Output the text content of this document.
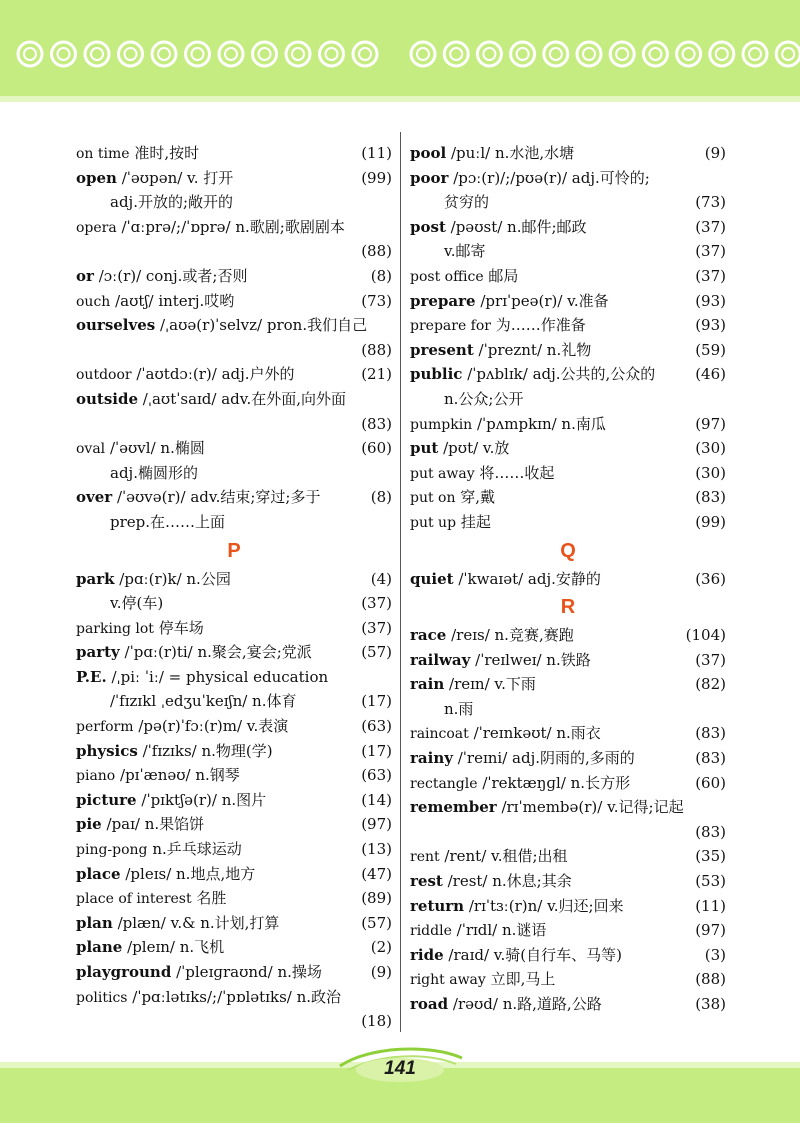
on time 准时,按时	(11)
open /ˈəʊpən/ v. 打开	(99)
adj.开放的;敞开的
opera /ˈɑːprə/;/ˈɒprə/ n.歌剧;歌剧剧本
(88)
or /ɔː(r)/ conj.或者;否则	(8)
ouch /aʊtʃ/ interj.哎哟	(73)
ourselves /ˌaʊə(r)ˈselvz/ pron.我们自己
(88)
outdoor /ˈaʊtdɔː(r)/ adj.户外的	(21)
outside /ˌaʊtˈsaɪd/ adv.在外面,向外面
(83)
oval /ˈəʊvl/ n.椭圆	(60)
adj.椭圆形的
over /ˈəʊvə(r)/ adv.结束;穿过;多于	(8)
prep.在……上面
P
park /pɑː(r)k/ n.公园	(4)
v.停(车)	(37)
parking lot 停车场	(37)
party /ˈpɑː(r)ti/ n.聚会,宴会;党派	(57)
P.E. /ˌpiː ˈiː/ = physical education
/ˈfɪzɪkl ˌedʒuˈkeɪʃn/ n.体育	(17)
perform /pə(r)ˈfɔː(r)m/ v.表演	(63)
physics /ˈfɪzɪks/ n.物理(学)	(17)
piano /pɪˈænəʊ/ n.钢琴	(63)
picture /ˈpɪktʃə(r)/ n.图片	(14)
pie /paɪ/ n.果馅饼	(97)
ping-pong n.乒乓球运动	(13)
place /pleɪs/ n.地点,地方	(47)
place of interest 名胜	(89)
plan /plæn/ v.& n.计划,打算	(57)
plane /pleɪn/ n.飞机	(2)
playground /ˈpleɪɡraʊnd/ n.操场	(9)
politics /ˈpɑːlətɪks/;/ˈpɒlətɪks/ n.政治
(18)
pool /puːl/ n.水池,水塘	(9)
poor /pɔː(r)/;/pʊə(r)/ adj.可怜的;
贫穷的	(73)
post /pəʊst/ n.邮件;邮政	(37)
v.邮寄	(37)
post office 邮局	(37)
prepare /prɪˈpeə(r)/ v.准备	(93)
prepare for 为……作准备	(93)
present /ˈpreznt/ n.礼物	(59)
public /ˈpʌblɪk/ adj.公共的,公众的	(46)
n.公众;公开
pumpkin /ˈpʌmpkɪn/ n.南瓜	(97)
put /pʊt/ v.放	(30)
put away 将……收起	(30)
put on 穿,戴	(83)
put up 挂起	(99)
Q
quiet /ˈkwaɪət/ adj.安静的	(36)
R
race /reɪs/ n.竞赛,赛跑	(104)
railway /ˈreɪlweɪ/ n.铁路	(37)
rain /reɪn/ v.下雨	(82)
n.雨
raincoat /ˈreɪnkəʊt/ n.雨衣	(83)
rainy /ˈreɪni/ adj.阴雨的,多雨的	(83)
rectangle /ˈrektæŋɡl/ n.长方形	(60)
remember /rɪˈmembə(r)/ v.记得;记起
(83)
rent /rent/ v.租借;出租	(35)
rest /rest/ n.休息;其余	(53)
return /rɪˈtɜː(r)n/ v.归还;回来	(11)
riddle /ˈrɪdl/ n.谜语	(97)
ride /raɪd/ v.骑(自行车、马等)	(3)
right away 立即,马上	(88)
road /rəʊd/ n.路,道路,公路	(38)
141
